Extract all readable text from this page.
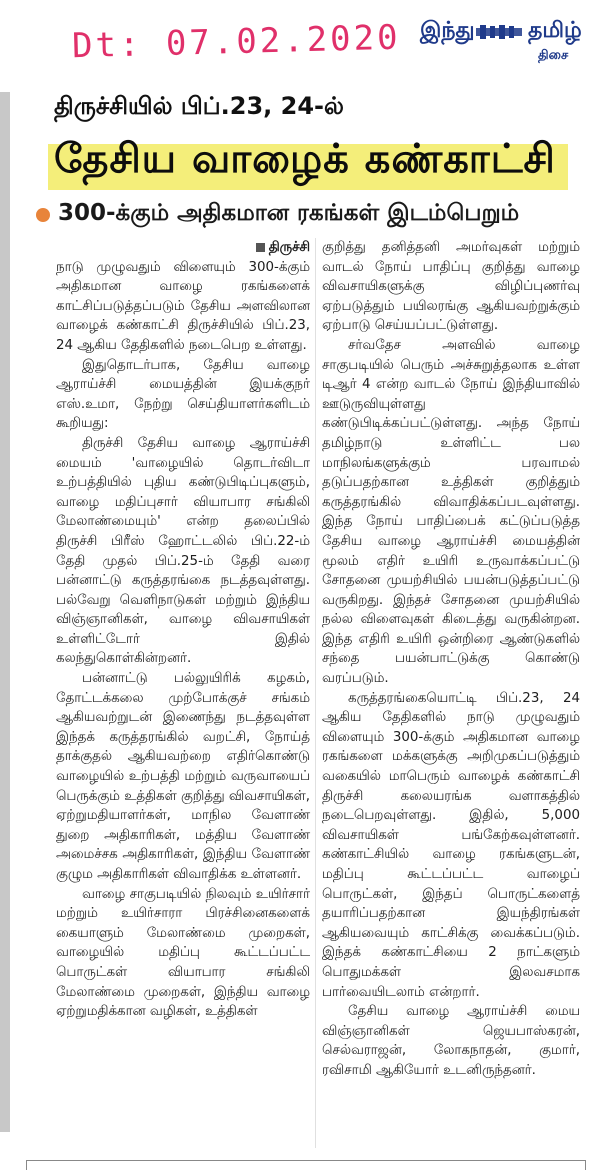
Dt: 07.02.2020 இந்து தமிழ்
திசை
திருச்சியில் பிப்.23, 24-ல்
தேசிய வாழைக் கண்காட்சி
300-க்கும் அதிகமான ரகங்கள் இடம்பெறும்
திருச்சி

நாடு முழுவதும் விளையும் 300-க்கும் அதிகமான வாழை ரகங்களைக் காட்சிப்படுத்தப்படும் தேசிய அளவிலான வாழைக் கண்காட்சி திருச்சியில் பிப்.23, 24 ஆகிய தேதிகளில் நடைபெற உள்ளது.

இதுதொடர்பாக, தேசிய வாழை ஆராய்ச்சி மையத்தின் இயக்குநர் எஸ்.உமா, நேற்று செய்தியாளர்களிடம் கூறியது:

திருச்சி தேசிய வாழை ஆராய்ச்சி மையம் 'வாழையில் தொடர்விடா உற்பத்தியில் புதிய கண்டுபிடிப்புகளும், வாழை மதிப்புசார் வியாபார சங்கிலி மேலாண்மையும்' என்ற தலைப்பில் திருச்சி பிரீஸ் ஹோட்டலில் பிப்.22-ம் தேதி முதல் பிப்.25-ம் தேதி வரை பன்னாட்டு கருத்தரங்கை நடத்தவுள்ளது. பல்வேறு வெளிநாடுகள் மற்றும் இந்திய விஞ்ஞானிகள், வாழை விவசாயிகள் உள்ளிட்டோர் இதில் கலந்துகொள்கின்றனர்.

பன்னாட்டு பல்லுயிரிக் கழகம், தோட்டக்கலை முற்போக்குச் சங்கம் ஆகியவற்றுடன் இணைந்து நடத்தவுள்ள இந்தக் கருத்தரங்கில் வறட்சி, நோய்த் தாக்குதல் ஆகியவற்றை எதிர்கொண்டு வாழையில் உற்பத்தி மற்றும் வருவாயைப் பெருக்கும் உத்திகள் குறித்து விவசாயிகள், ஏற்றுமதியாளர்கள், மாநில வேளாண் துறை அதிகாரிகள், மத்திய வேளாண் அமைச்சக அதிகாரிகள், இந்திய வேளாண் குழும அதிகாரிகள் விவாதிக்க உள்ளனர்.

வாழை சாகுபடியில் நிலவும் உயிர்சார் மற்றும் உயிர்சாரா பிரச்சினைகளைக் கையாளும் மேலாண்மை முறைகள், வாழையில் மதிப்பு கூட்டப்பட்ட பொருட்கள் வியாபார சங்கிலி மேலாண்மை முறைகள், இந்திய வாழை ஏற்றுமதிக்கான வழிகள், உத்திகள்

குறித்து தனித்தனி அமர்வுகள் மற்றும் வாடல் நோய் பாதிப்பு குறித்து வாழை விவசாயிகளுக்கு விழிப்புணர்வு ஏற்படுத்தும் பயிலரங்கு ஆகியவற்றுக்கும் ஏற்பாடு செய்யப்பட்டுள்ளது.

சர்வதேச அளவில் வாழை சாகுபடியில் பெரும் அச்சுறுத்தலாக உள்ள டிஆர் 4 என்ற வாடல் நோய் இந்தியாவில் ஊடுருவியுள்ளது கண்டுபிடிக்கப்பட்டுள்ளது. அந்த நோய் தமிழ்நாடு உள்ளிட்ட பல மாநிலங்களுக்கும் பரவாமல் தடுப்பதற்கான உத்திகள் குறித்தும் கருத்தரங்கில் விவாதிக்கப்படவுள்ளது. இந்த நோய் பாதிப்பைக் கட்டுப்படுத்த தேசிய வாழை ஆராய்ச்சி மையத்தின் மூலம் எதிர் உயிரி உருவாக்கப்பட்டு சோதனை முயற்சியில் பயன்படுத்தப்பட்டு வருகிறது. இந்தச் சோதனை முயற்சியில் நல்ல விளைவுகள் கிடைத்து வருகின்றன. இந்த எதிரி உயிரி ஒன்றிரை ஆண்டுகளில் சந்தை பயன்பாட்டுக்கு கொண்டு வரப்படும்.

கருத்தரங்கையொட்டி பிப்.23, 24 ஆகிய தேதிகளில் நாடு முழுவதும் விளையும் 300-க்கும் அதிகமான வாழை ரகங்களை மக்களுக்கு அறிமுகப்படுத்தும் வகையில் மாபெரும் வாழைக் கண்காட்சி திருச்சி கலையரங்க வளாகத்தில் நடைபெறவுள்ளது. இதில், 5,000 விவசாயிகள் பங்கேற்கவுள்ளனர். கண்காட்சியில் வாழை ரகங்களுடன், மதிப்பு கூட்டப்பட்ட வாழைப் பொருட்கள், இந்தப் பொருட்களைத் தயாரிப்பதற்கான இயந்திரங்கள் ஆகியவையும் காட்சிக்கு வைக்கப்படும். இந்தக் கண்காட்சியை 2 நாட்களும் பொதுமக்கள் இலவசமாக பார்வையிடலாம் என்றார்.

தேசிய வாழை ஆராய்ச்சி மைய விஞ்ஞானிகள் ஜெயபாஸ்கரன், செல்வராஜன், லோகநாதன், குமார், ரவிசாமி ஆகியோர் உடனிருந்தனர்.
